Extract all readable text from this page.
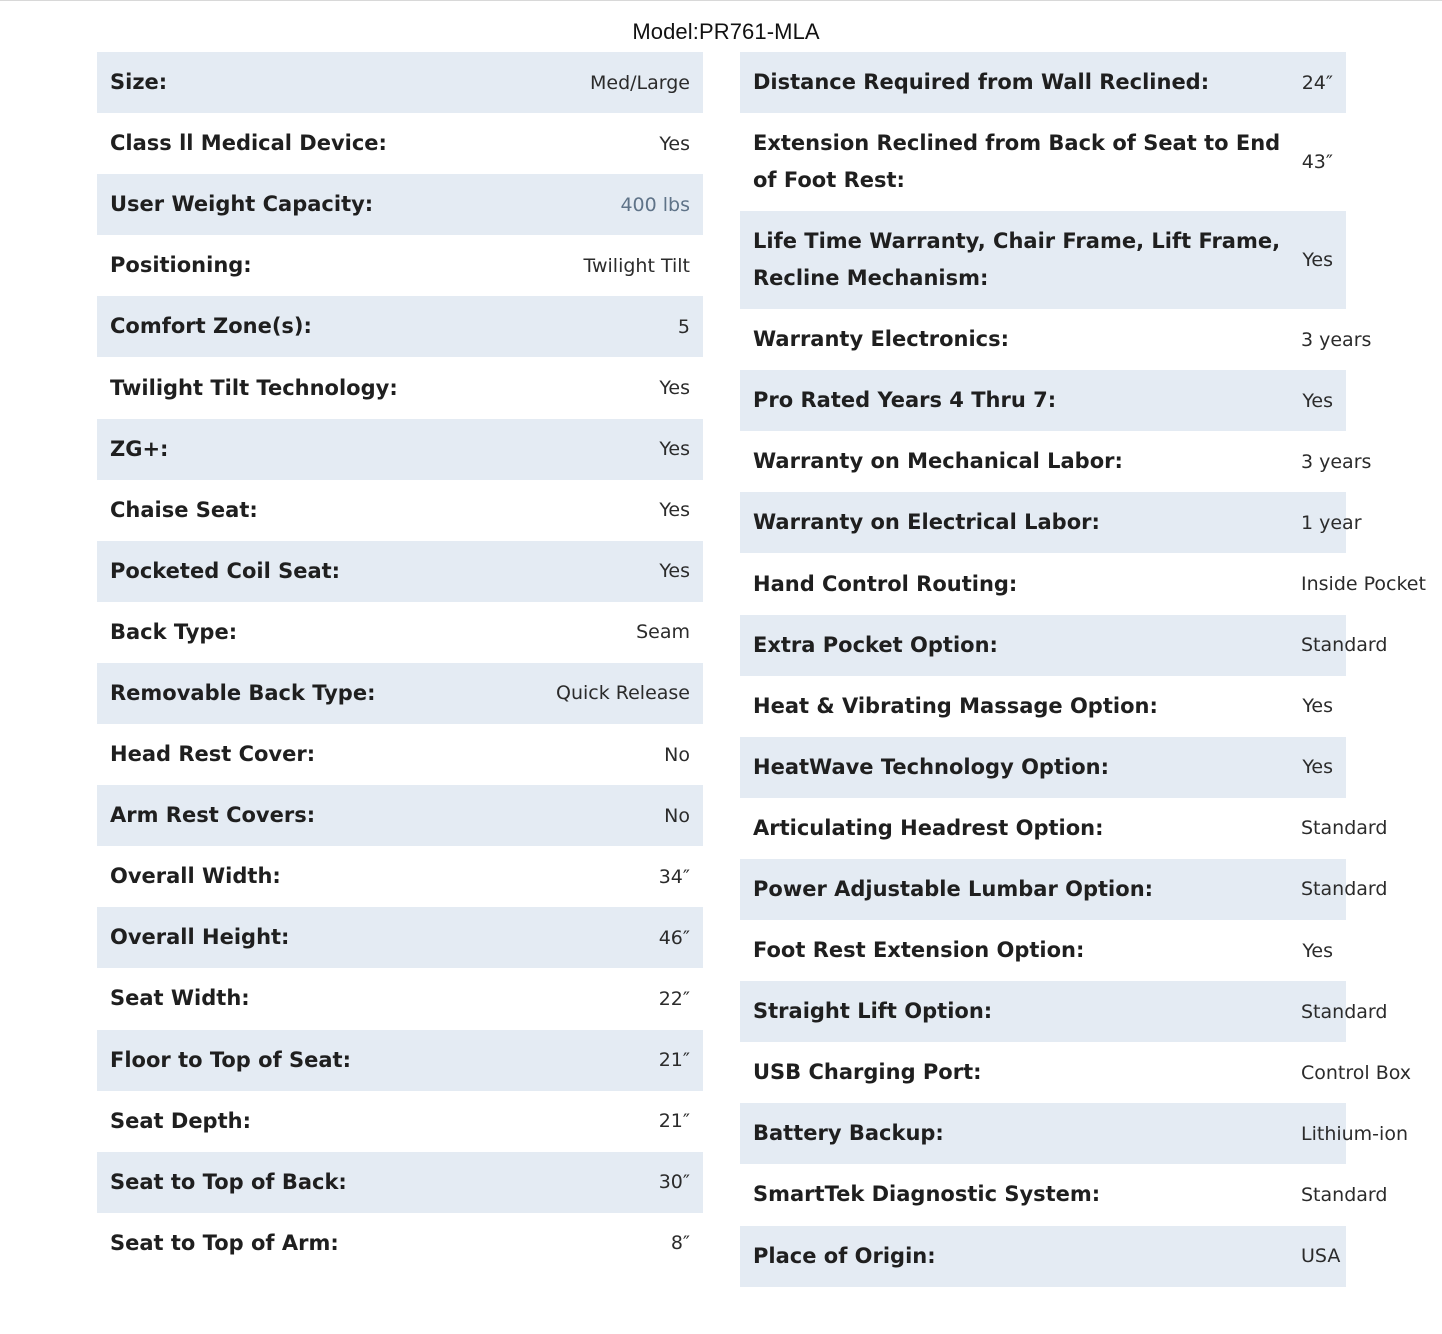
Model:PR761-MLA
Size:	Med/Large
Class ll Medical Device:	Yes
User Weight Capacity:	400 lbs
Positioning:	Twilight Tilt
Comfort Zone(s):	5
Twilight Tilt Technology:	Yes
ZG+:	Yes
Chaise Seat:	Yes
Pocketed Coil Seat:	Yes
Back Type:	Seam
Removable Back Type:	Quick Release
Head Rest Cover:	No
Arm Rest Covers:	No
Overall Width:	34″
Overall Height:	46″
Seat Width:	22″
Floor to Top of Seat:	21″
Seat Depth:	21″
Seat to Top of Back:	30″
Seat to Top of Arm:	8″
Distance Required from Wall Reclined:	24″
Extension Reclined from Back of Seat to End of Foot Rest:	43″
Life Time Warranty, Chair Frame, Lift Frame, Recline Mechanism:	Yes
Warranty Electronics:	3 years
Pro Rated Years 4 Thru 7:	Yes
Warranty on Mechanical Labor:	3 years
Warranty on Electrical Labor:	1 year
Hand Control Routing:	Inside Pocket
Extra Pocket Option:	Standard
Heat & Vibrating Massage Option:	Yes
HeatWave Technology Option:	Yes
Articulating Headrest Option:	Standard
Power Adjustable Lumbar Option:	Standard
Foot Rest Extension Option:	Yes
Straight Lift Option:	Standard
USB Charging Port:	Control Box
Battery Backup:	Lithium-ion
SmartTek Diagnostic System:	Standard
Place of Origin:	USA
